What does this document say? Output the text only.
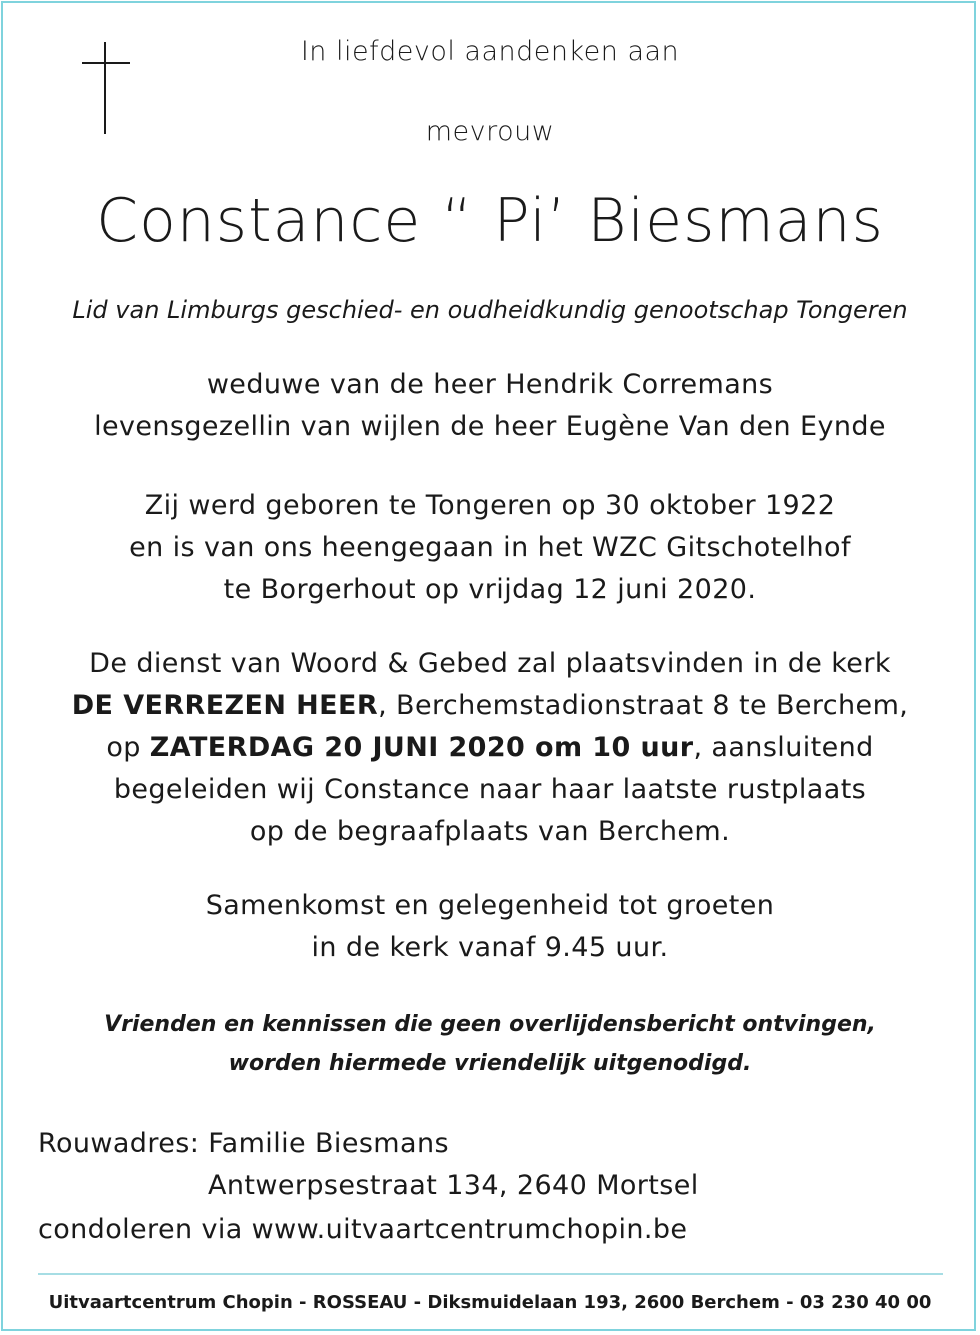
In liefdevol aandenken aan
mevrouw
Constance “ Pi’ Biesmans
Lid van Limburgs geschied- en oudheidkundig genootschap Tongeren
weduwe van de heer Hendrik Corremans
levensgezellin van wijlen de heer Eugène Van den Eynde
Zij werd geboren te Tongeren op 30 oktober 1922
en is van ons heengegaan in het WZC Gitschotelhof
te Borgerhout op vrijdag 12 juni 2020.
De dienst van Woord & Gebed zal plaatsvinden in de kerk
DE VERREZEN HEER, Berchemstadionstraat 8 te Berchem,
op ZATERDAG 20 JUNI 2020 om 10 uur, aansluitend
begeleiden wij Constance naar haar laatste rustplaats
op de begraafplaats van Berchem.
Samenkomst en gelegenheid tot groeten
in de kerk vanaf 9.45 uur.
Vrienden en kennissen die geen overlijdensbericht ontvingen,
worden hiermede vriendelijk uitgenodigd.
Rouwadres: Familie Biesmans
Antwerpsestraat 134, 2640 Mortsel
condoleren via www.uitvaartcentrumchopin.be
Uitvaartcentrum Chopin - ROSSEAU - Diksmuidelaan 193, 2600 Berchem - 03 230 40 00
